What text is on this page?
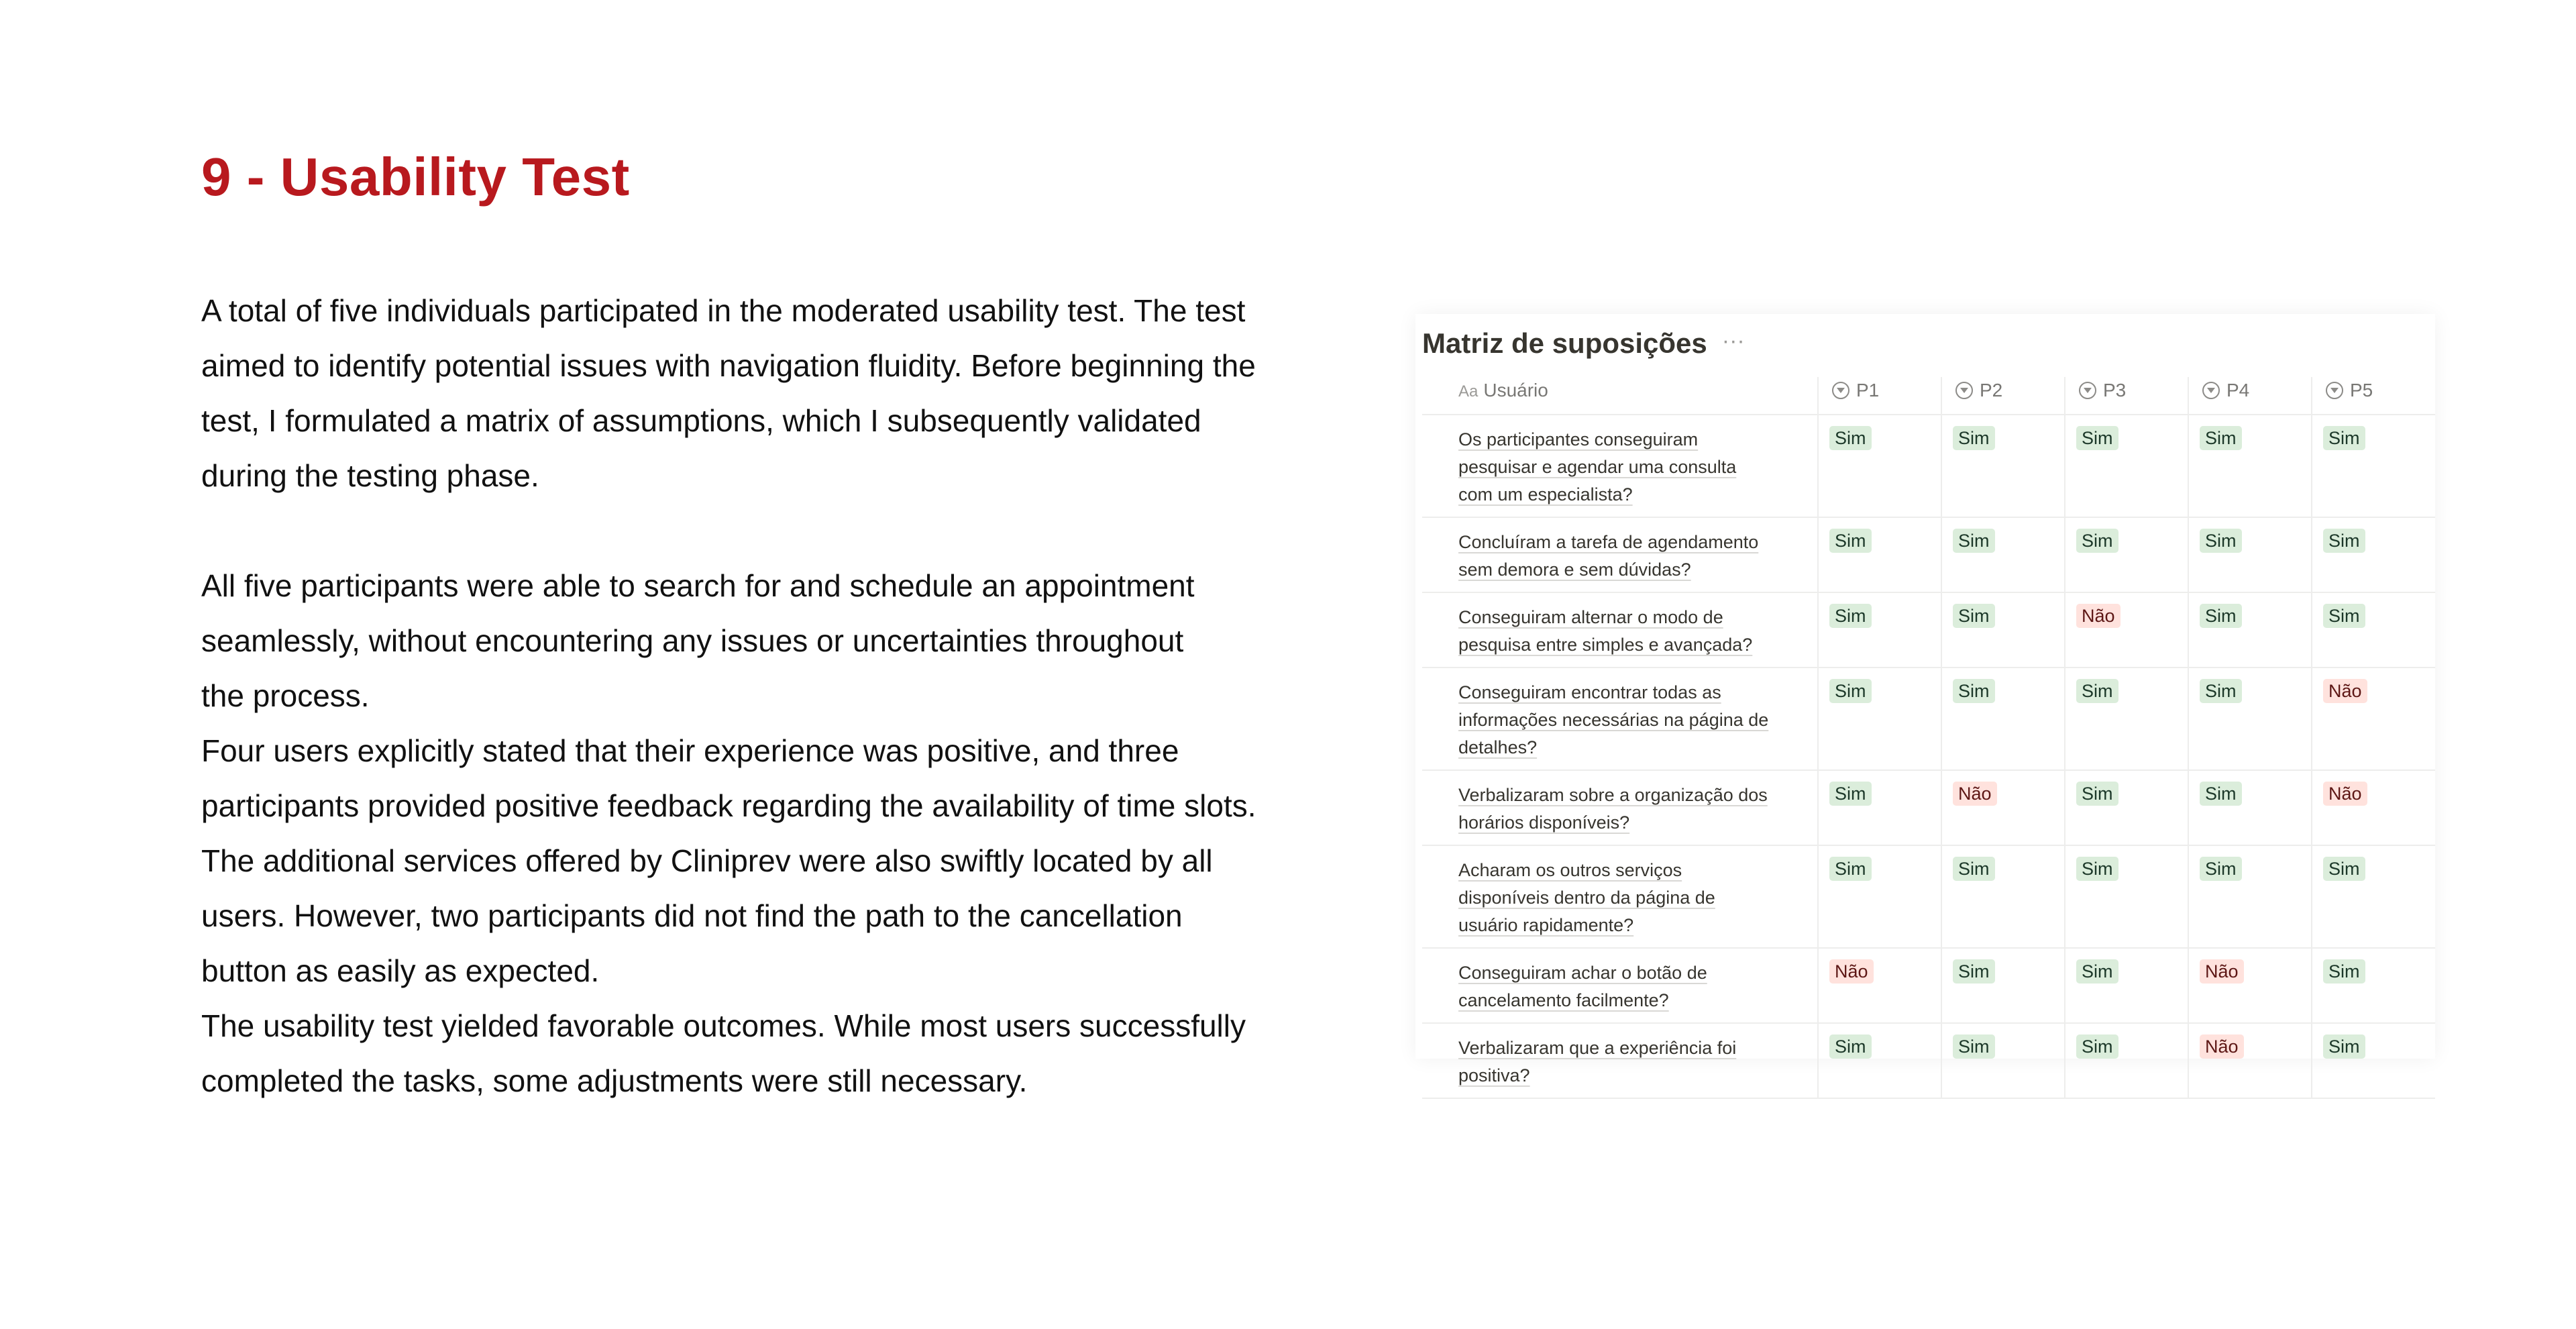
9 - Usability Test
A total of five individuals participated in the moderated usability test. The test
aimed to identify potential issues with navigation fluidity. Before beginning the
test, I formulated a matrix of assumptions, which I subsequently validated
during the testing phase.
All five participants were able to search for and schedule an appointment
seamlessly, without encountering any issues or uncertainties throughout
the process.
Four users explicitly stated that their experience was positive, and three
participants provided positive feedback regarding the availability of time slots.
The additional services offered by Cliniprev were also swiftly located by all
users. However, two participants did not find the path to the cancellation
button as easily as expected.
The usability test yielded favorable outcomes. While most users successfully
completed the tasks, some adjustments were still necessary.
Matriz de suposições ···
Aa Usuário	P1	P2	P3	P4	P5
Os participantes conseguiram
pesquisar e agendar uma consulta
com um especialista?	Sim	Sim	Sim	Sim	Sim
Concluíram a tarefa de agendamento
sem demora e sem dúvidas?	Sim	Sim	Sim	Sim	Sim
Conseguiram alternar o modo de
pesquisa entre simples e avançada?	Sim	Sim	Não	Sim	Sim
Conseguiram encontrar todas as
informações necessárias na página de
detalhes?	Sim	Sim	Sim	Sim	Não
Verbalizaram sobre a organização dos
horários disponíveis?	Sim	Não	Sim	Sim	Não
Acharam os outros serviços
disponíveis dentro da página de
usuário rapidamente?	Sim	Sim	Sim	Sim	Sim
Conseguiram achar o botão de
cancelamento facilmente?	Não	Sim	Sim	Não	Sim
Verbalizaram que a experiência foi
positiva?	Sim	Sim	Sim	Não	Sim
